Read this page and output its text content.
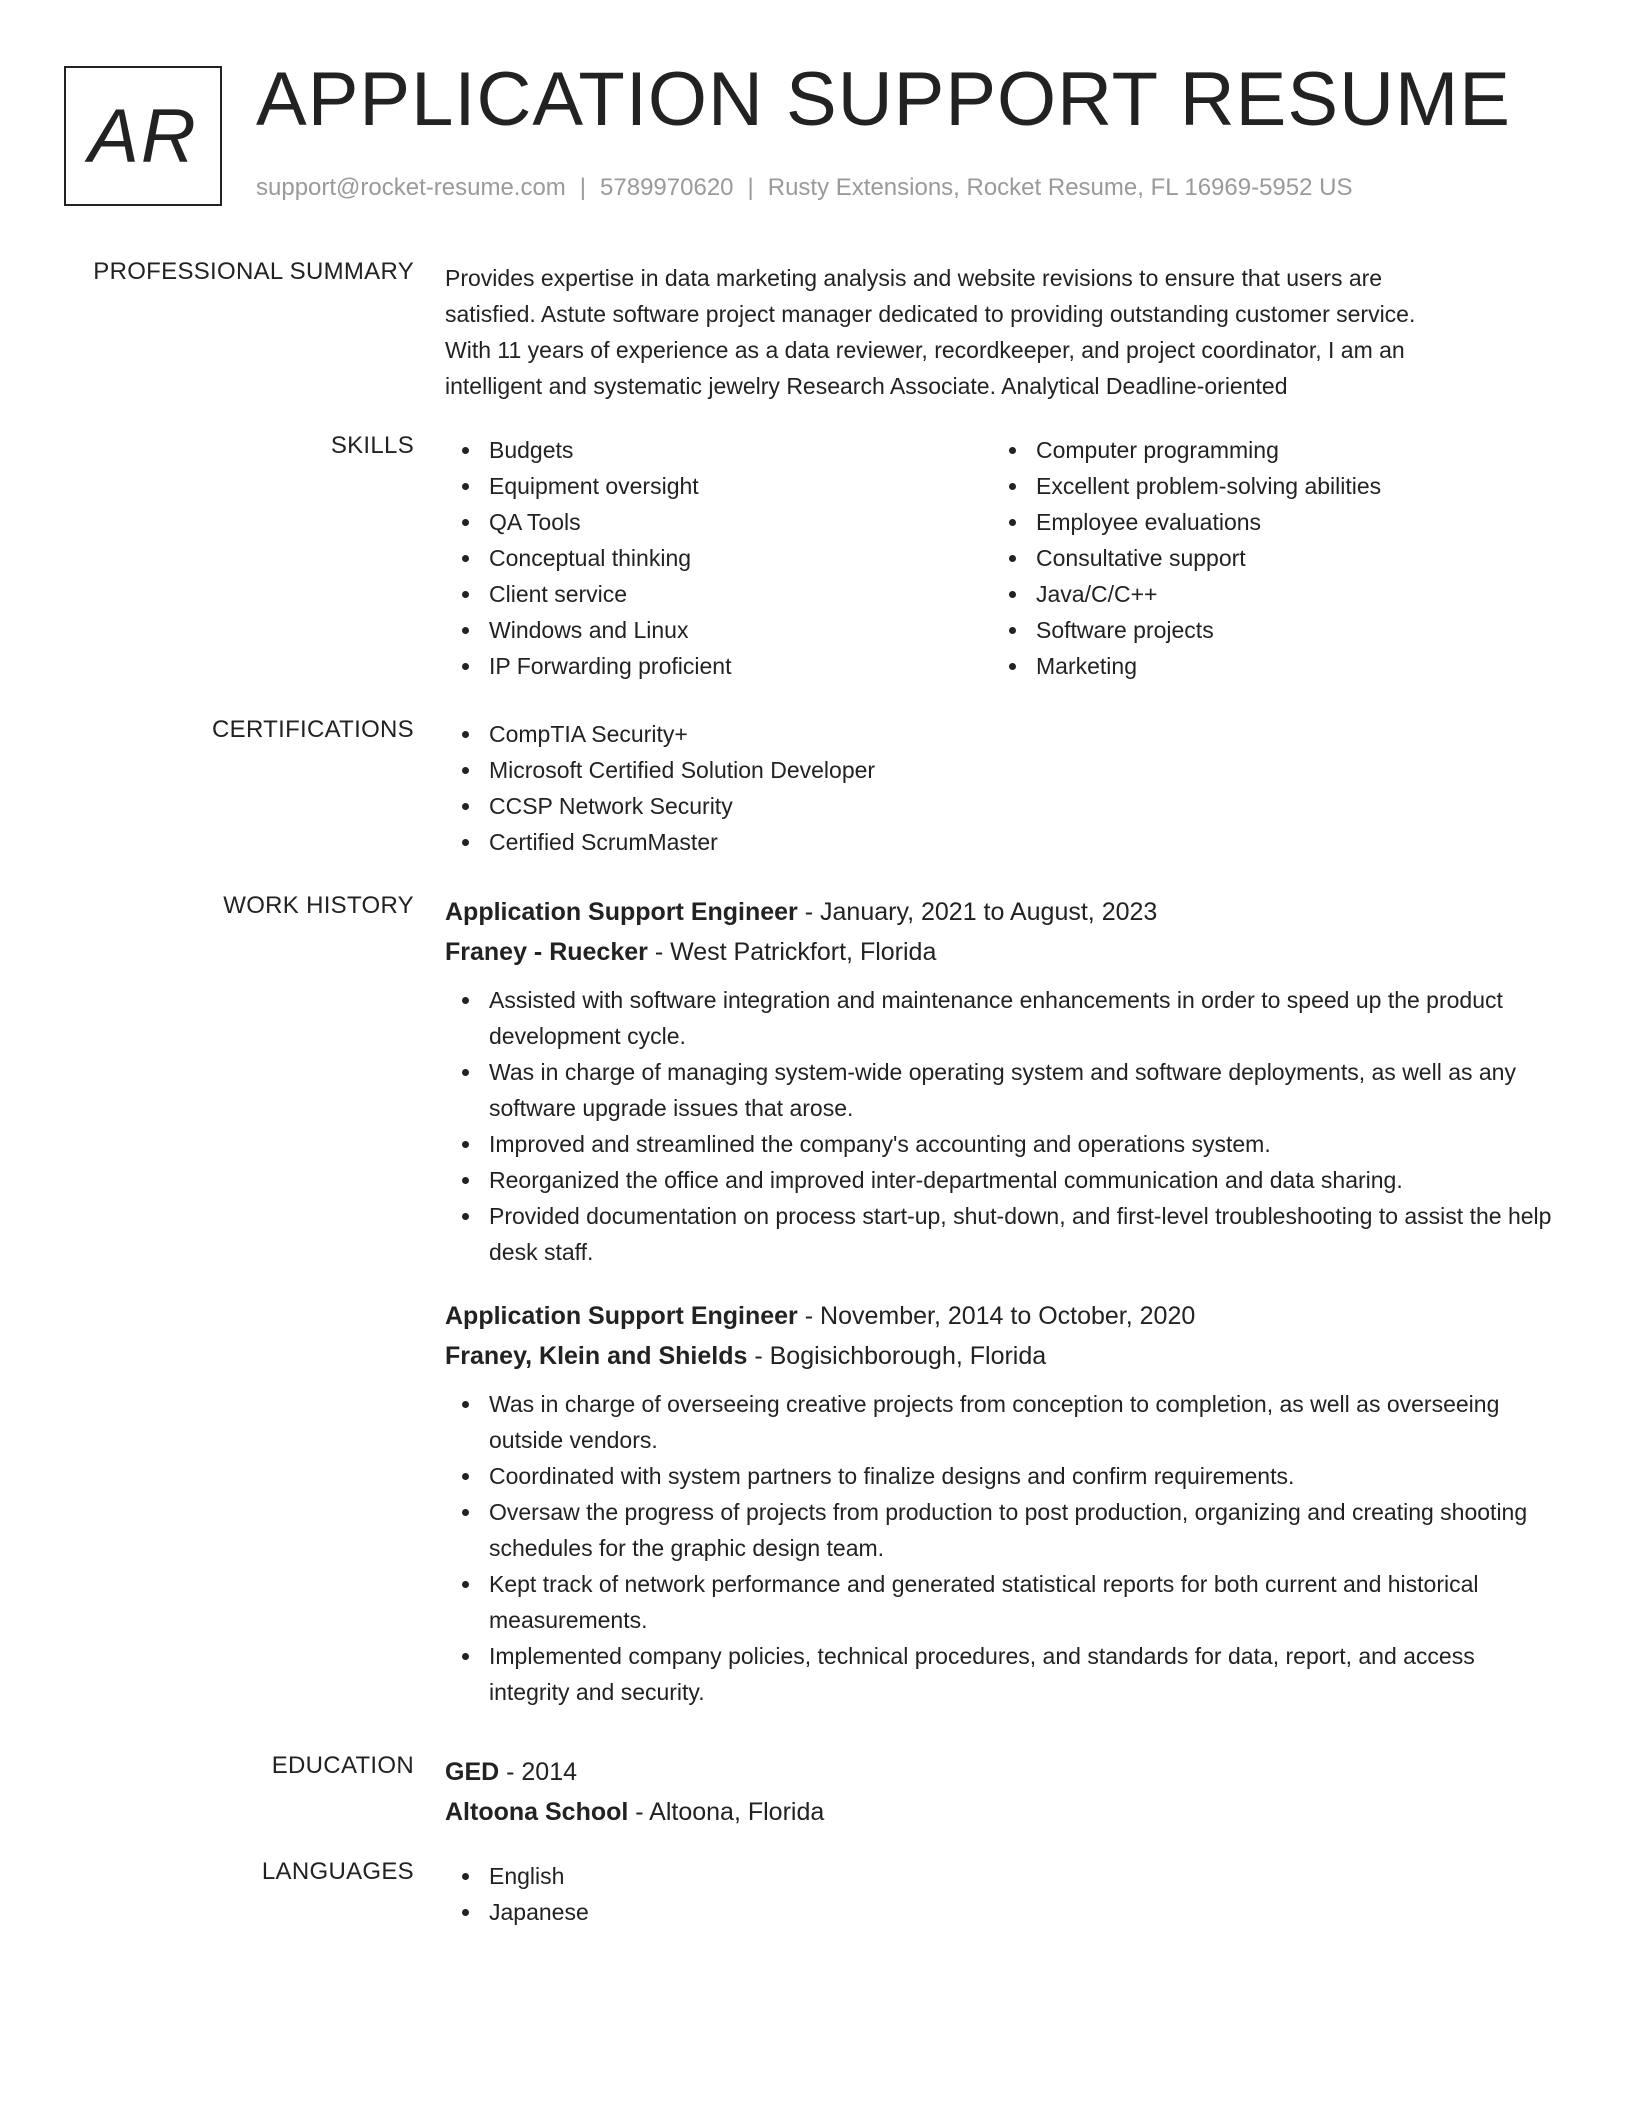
AR APPLICATION SUPPORT RESUME
support@rocket-resume.com | 5789970620 | Rusty Extensions, Rocket Resume, FL 16969-5952 US
PROFESSIONAL SUMMARY Provides expertise in data marketing analysis and website revisions to ensure that users are
satisfied. Astute software project manager dedicated to providing outstanding customer service.
With 11 years of experience as a data reviewer, recordkeeper, and project coordinator, I am an
intelligent and systematic jewelry Research Associate. Analytical Deadline-oriented

SKILLS	Budgets
Equipment oversight
QA Tools
Conceptual thinking
Client service
Windows and Linux
IP Forwarding proficient
Computer programming
Excellent problem-solving abilities
Employee evaluations
Consultative support
Java/C/C++
Software projects
Marketing
CERTIFICATIONS	CompTIA Security+
Microsoft Certified Solution Developer
CCSP Network Security
Certified ScrumMaster
WORK HISTORY Application Support Engineer - January, 2021 to August, 2023
Franey - Ruecker - West Patrickfort, Florida
Assisted with software integration and maintenance enhancements in order to speed up the product development cycle.
Was in charge of managing system-wide operating system and software deployments, as well as any software upgrade issues that arose.
Improved and streamlined the company's accounting and operations system.
Reorganized the office and improved inter-departmental communication and data sharing.
Provided documentation on process start-up, shut-down, and first-level troubleshooting to assist the help desk staff.
Application Support Engineer - November, 2014 to October, 2020
Franey, Klein and Shields - Bogisichborough, Florida
Was in charge of overseeing creative projects from conception to completion, as well as overseeing outside vendors.
Coordinated with system partners to finalize designs and confirm requirements.
Oversaw the progress of projects from production to post production, organizing and creating shooting schedules for the graphic design team.
Kept track of network performance and generated statistical reports for both current and historical measurements.
Implemented company policies, technical procedures, and standards for data, report, and access integrity and security.
EDUCATION GED - 2014
Altoona School - Altoona, Florida
LANGUAGES	English
Japanese
